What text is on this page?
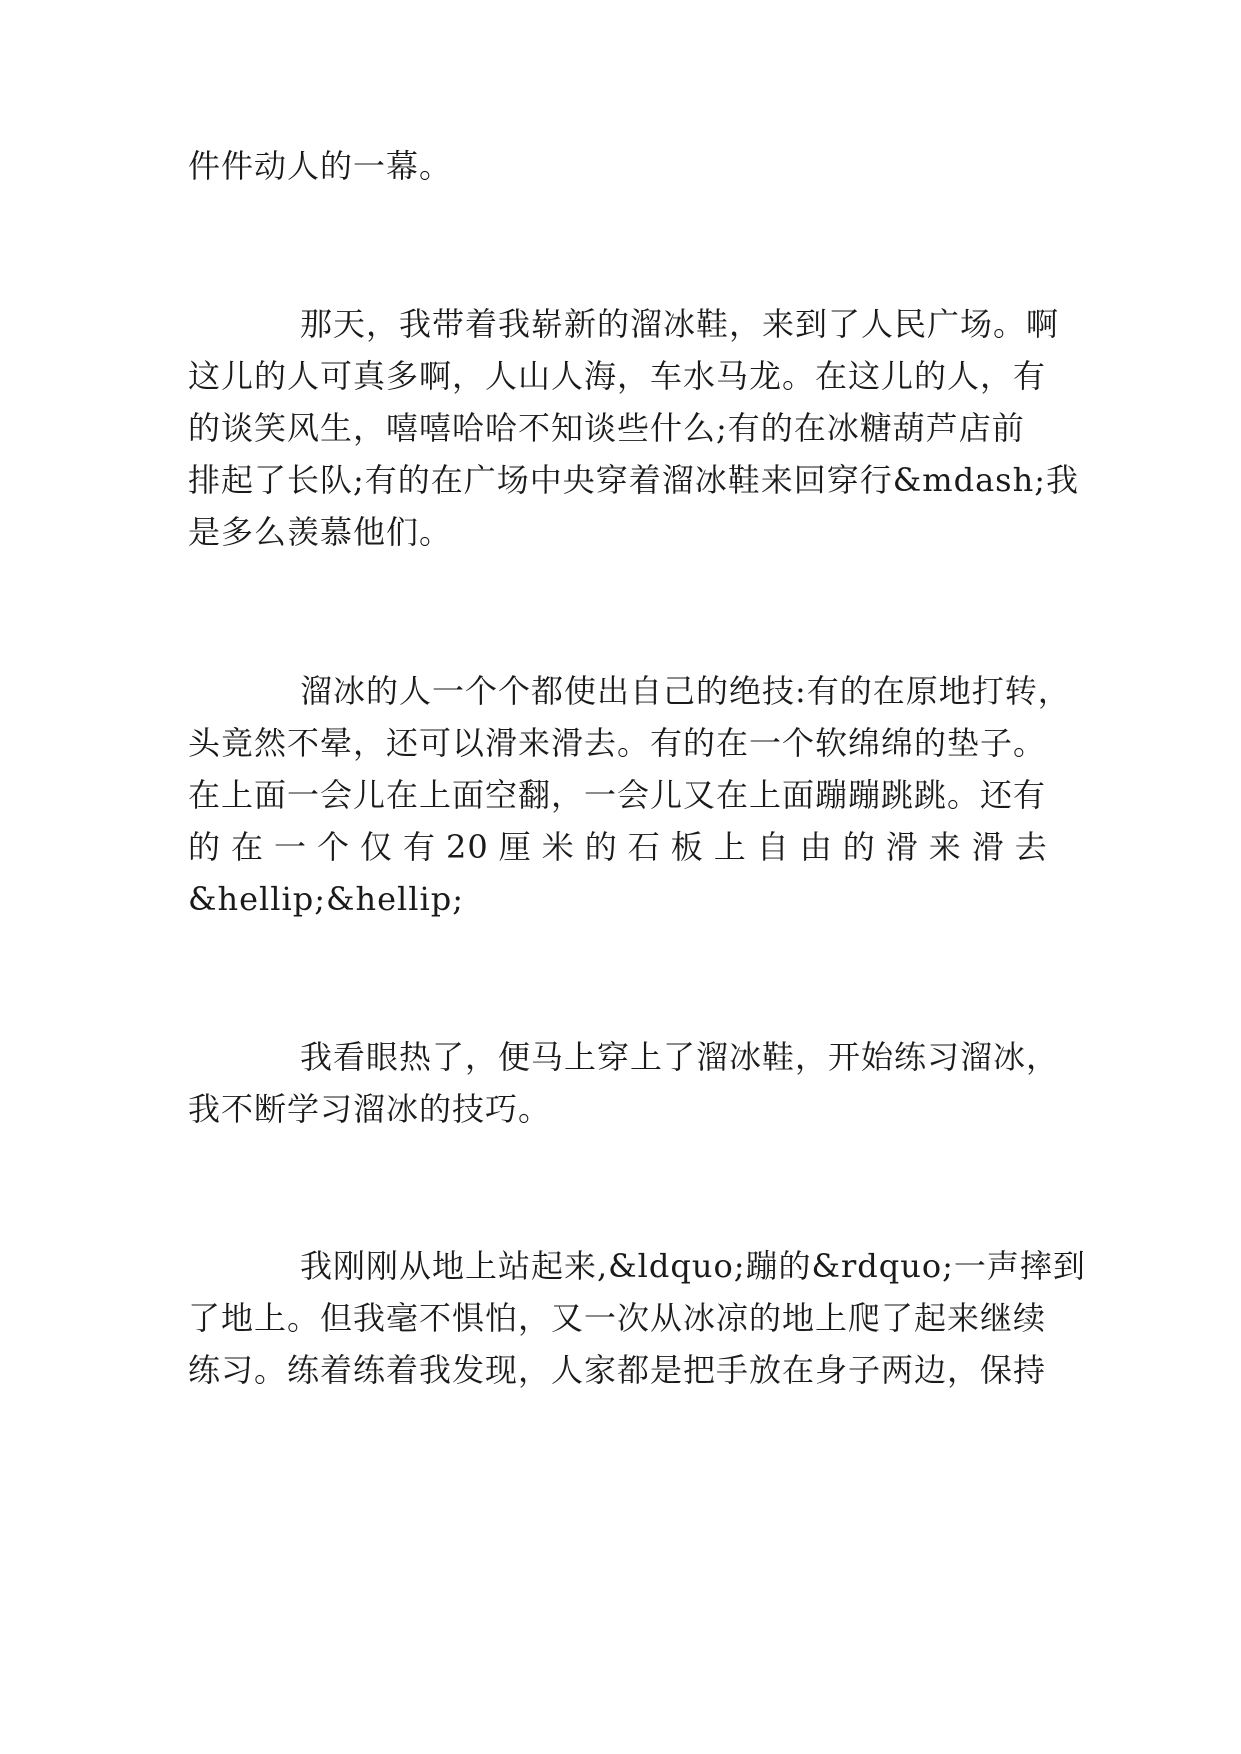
件件动人的一幕。
那天，我带着我崭新的溜冰鞋，来到了人民广场。啊
这儿的人可真多啊，人山人海，车水马龙。在这儿的人，有
的谈笑风生，嘻嘻哈哈不知谈些什么;有的在冰糖葫芦店前
排起了长队;有的在广场中央穿着溜冰鞋来回穿行&mdash;我
是多么羡慕他们。
溜冰的人一个个都使出自己的绝技:有的在原地打转，
头竟然不晕，还可以滑来滑去。有的在一个软绵绵的垫子。
在上面一会儿在上面空翻，一会儿又在上面蹦蹦跳跳。还有
的 在 一 个 仅 有 20 厘 米 的 石 板 上 自 由 的 滑 来 滑 去
&hellip;&hellip;
我看眼热了，便马上穿上了溜冰鞋，开始练习溜冰，
我不断学习溜冰的技巧。
我刚刚从地上站起来,&ldquo;蹦的&rdquo;一声摔到
了地上。但我毫不惧怕，又一次从冰凉的地上爬了起来继续
练习。练着练着我发现，人家都是把手放在身子两边，保持
